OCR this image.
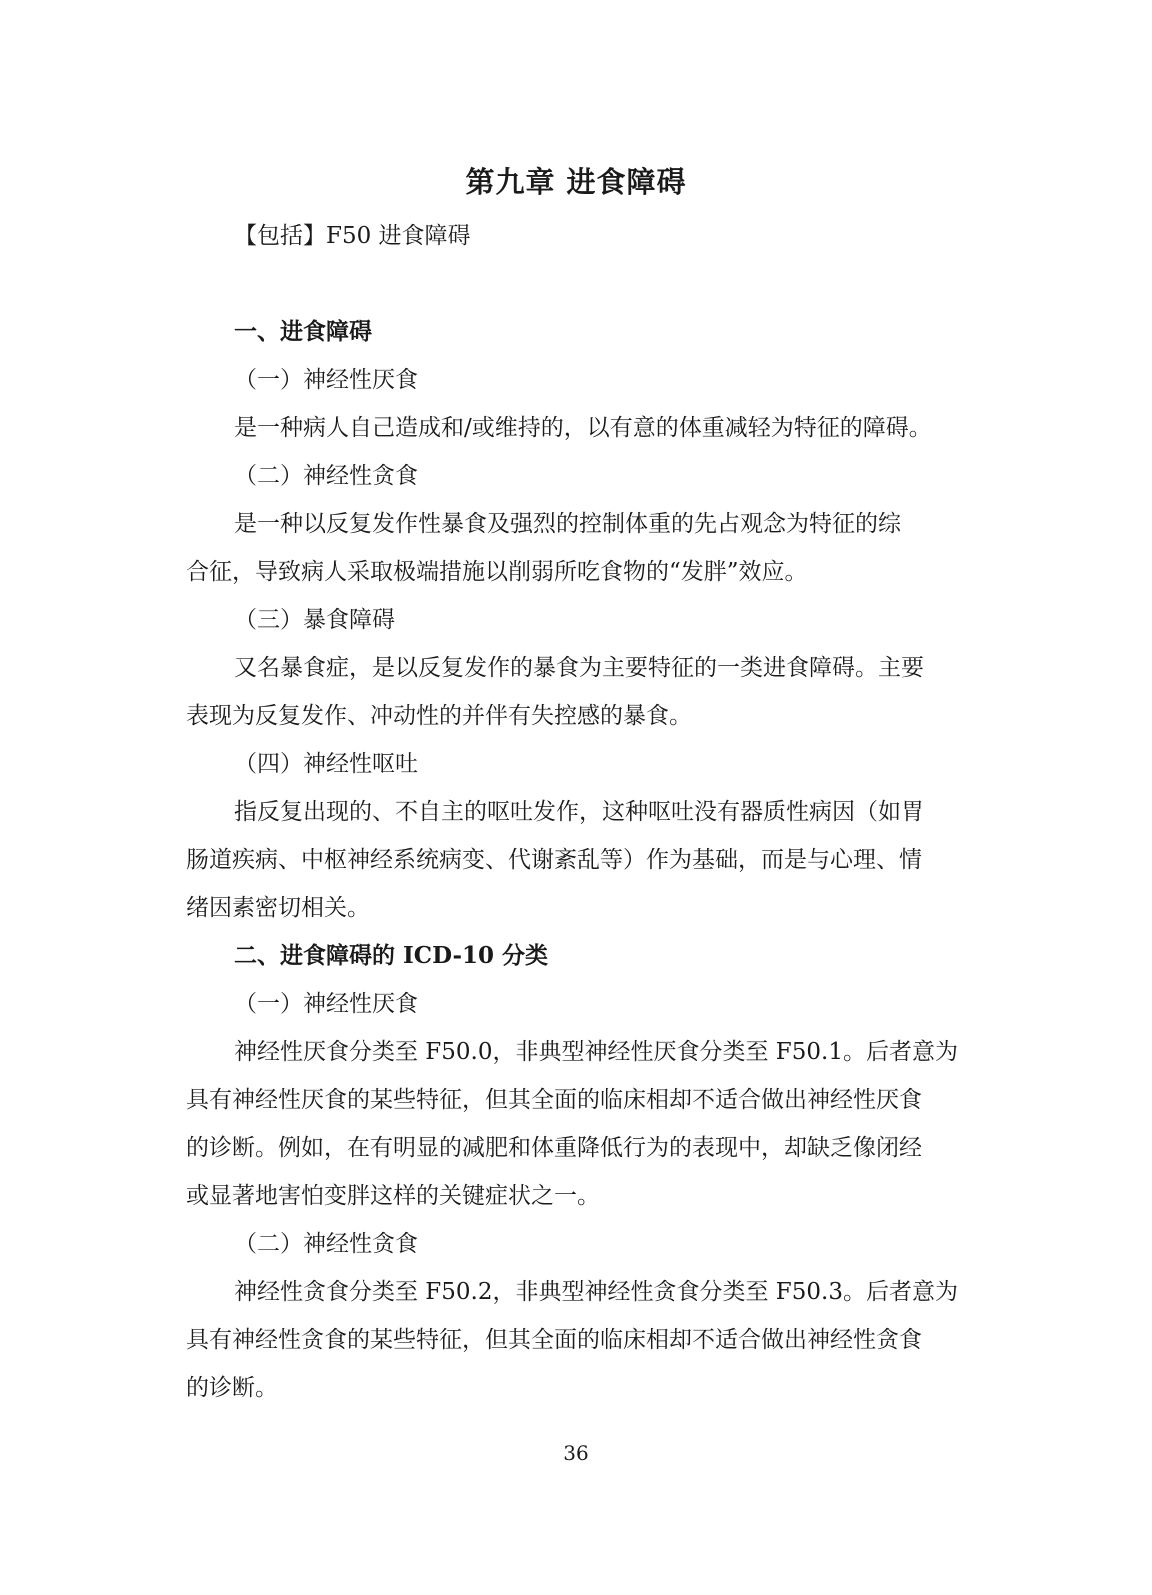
第九章 进食障碍
【包括】F50 进食障碍
一、进食障碍
（一）神经性厌食
是一种病人自己造成和/或维持的，以有意的体重减轻为特征的障碍。
（二）神经性贪食
是一种以反复发作性暴食及强烈的控制体重的先占观念为特征的综
合征，导致病人采取极端措施以削弱所吃食物的“发胖”效应。
（三）暴食障碍
又名暴食症，是以反复发作的暴食为主要特征的一类进食障碍。主要
表现为反复发作、冲动性的并伴有失控感的暴食。
（四）神经性呕吐
指反复出现的、不自主的呕吐发作，这种呕吐没有器质性病因（如胃
肠道疾病、中枢神经系统病变、代谢紊乱等）作为基础，而是与心理、情
绪因素密切相关。
二、进食障碍的 ICD-10 分类
（一）神经性厌食
神经性厌食分类至 F50.0，非典型神经性厌食分类至 F50.1。后者意为
具有神经性厌食的某些特征，但其全面的临床相却不适合做出神经性厌食
的诊断。例如，在有明显的减肥和体重降低行为的表现中，却缺乏像闭经
或显著地害怕变胖这样的关键症状之一。
（二）神经性贪食
神经性贪食分类至 F50.2，非典型神经性贪食分类至 F50.3。后者意为
具有神经性贪食的某些特征，但其全面的临床相却不适合做出神经性贪食
的诊断。
36
